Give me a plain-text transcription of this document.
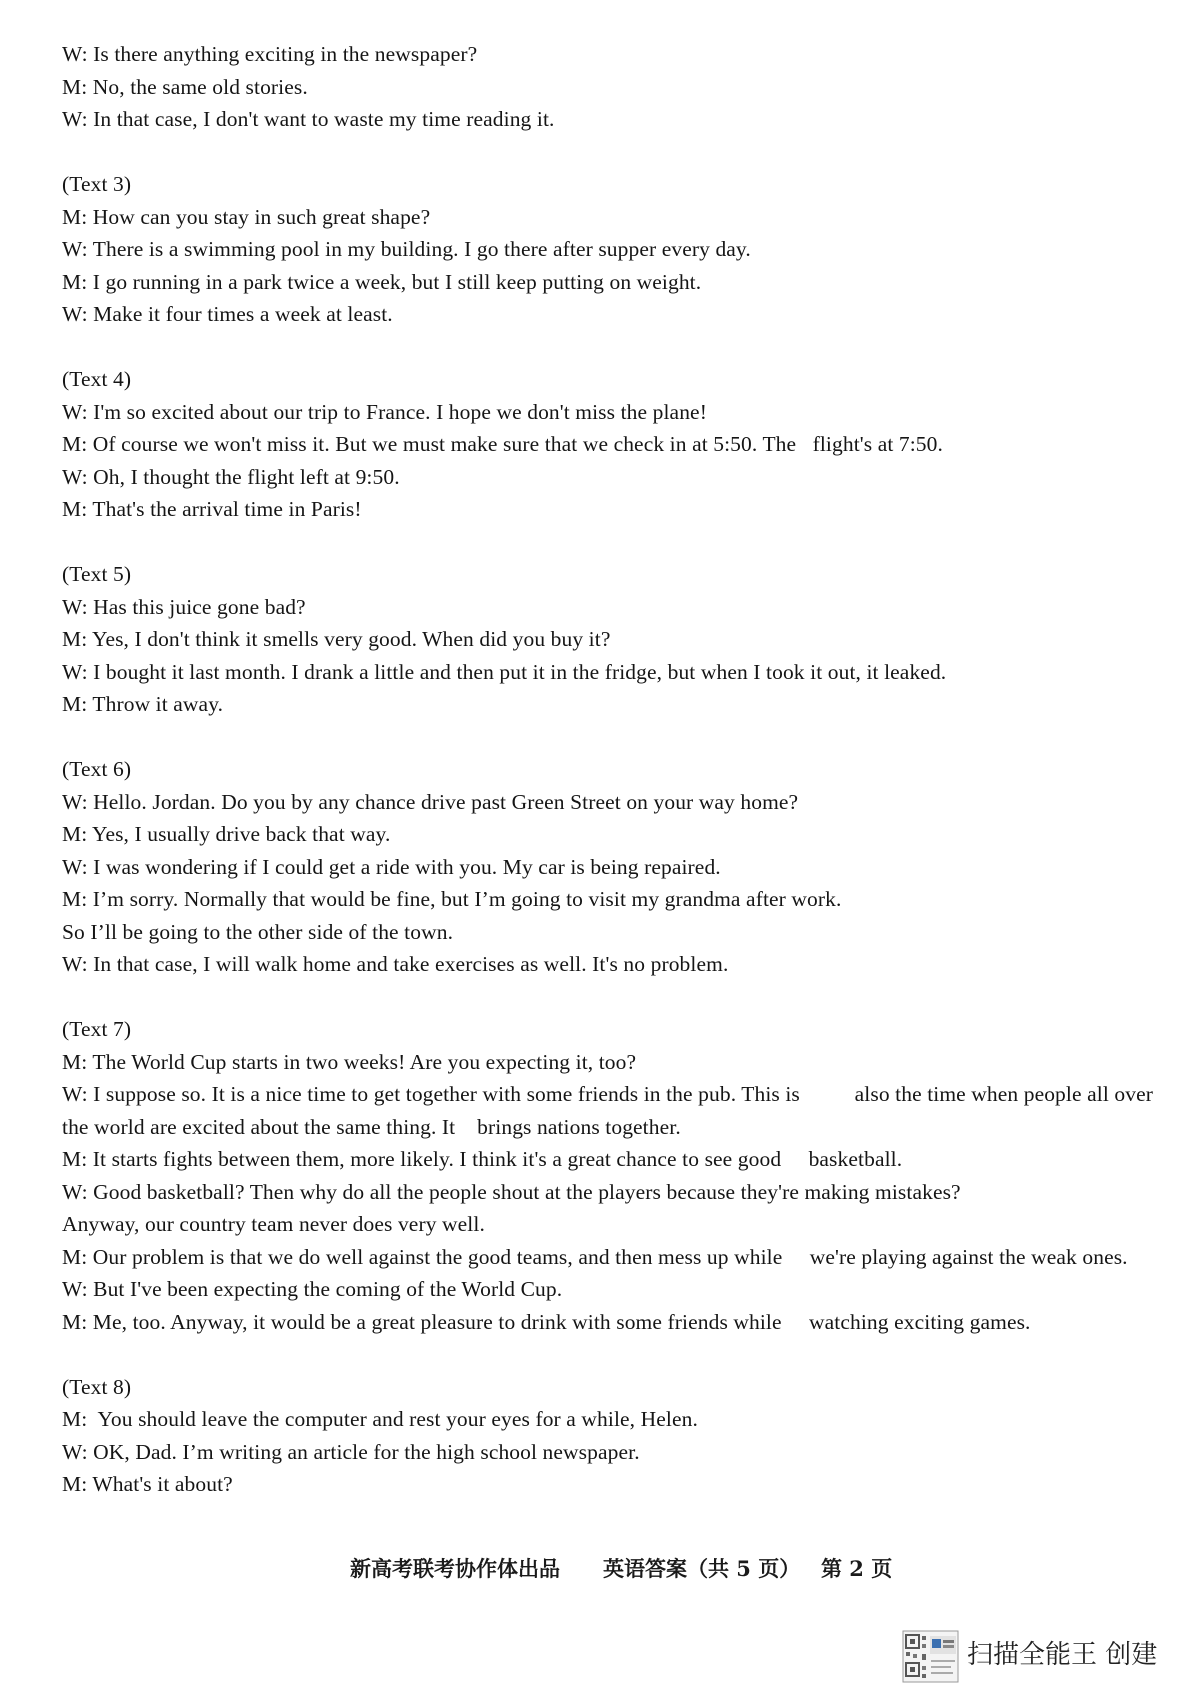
W: Is there anything exciting in the newspaper?
M: No, the same old stories.
W: In that case, I don't want to waste my time reading it.
(Text 3)
M: How can you stay in such great shape?
W: There is a swimming pool in my building. I go there after supper every day.
M: I go running in a park twice a week, but I still keep putting on weight.
W: Make it four times a week at least.
(Text 4)
W: I'm so excited about our trip to France. I hope we don't miss the plane!
M: Of course we won't miss it. But we must make sure that we check in at 5:50. The   flight's at 7:50.
W: Oh, I thought the flight left at 9:50.
M: That's the arrival time in Paris!
(Text 5)
W: Has this juice gone bad?
M: Yes, I don't think it smells very good. When did you buy it?
W: I bought it last month. I drank a little and then put it in the fridge, but when I took it out, it leaked.
M: Throw it away.
(Text 6)
W: Hello. Jordan. Do you by any chance drive past Green Street on your way home?
M: Yes, I usually drive back that way.
W: I was wondering if I could get a ride with you. My car is being repaired.
M: I’m sorry. Normally that would be fine, but I’m going to visit my grandma after work.
So I’ll be going to the other side of the town.
W: In that case, I will walk home and take exercises as well. It's no problem.
(Text 7)
M: The World Cup starts in two weeks! Are you expecting it, too?
W: I suppose so. It is a nice time to get together with some friends in the pub. This is          also the time when people all over
the world are excited about the same thing. It    brings nations together.
M: It starts fights between them, more likely. I think it's a great chance to see good     basketball.
W: Good basketball? Then why do all the people shout at the players because they're making mistakes?
Anyway, our country team never does very well.
M: Our problem is that we do well against the good teams, and then mess up while     we're playing against the weak ones.
W: But I've been expecting the coming of the World Cup.
M: Me, too. Anyway, it would be a great pleasure to drink with some friends while     watching exciting games.
(Text 8)
M:  You should leave the computer and rest your eyes for a while, Helen.
W: OK, Dad. I’m writing an article for the high school newspaper.
M: What's it about?
新高考联考协作体出品 英语答案（共 5 页） 第 2 页
扫描全能王 创建
